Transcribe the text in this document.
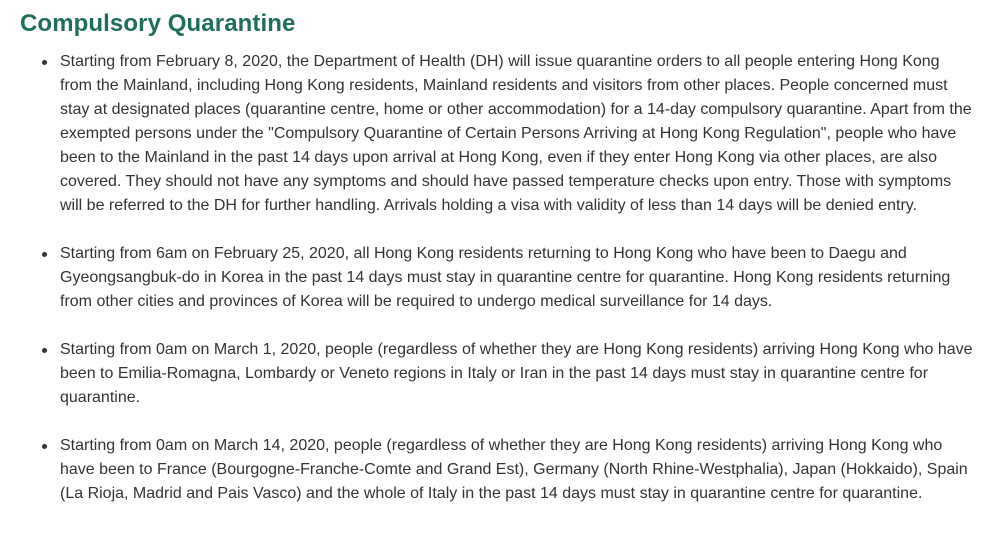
Compulsory Quarantine
Starting from February 8, 2020, the Department of Health (DH) will issue quarantine orders to all people entering Hong Kong from the Mainland, including Hong Kong residents, Mainland residents and visitors from other places. People concerned must stay at designated places (quarantine centre, home or other accommodation) for a 14-day compulsory quarantine. Apart from the exempted persons under the "Compulsory Quarantine of Certain Persons Arriving at Hong Kong Regulation", people who have been to the Mainland in the past 14 days upon arrival at Hong Kong, even if they enter Hong Kong via other places, are also covered. They should not have any symptoms and should have passed temperature checks upon entry. Those with symptoms will be referred to the DH for further handling. Arrivals holding a visa with validity of less than 14 days will be denied entry.
Starting from 6am on February 25, 2020, all Hong Kong residents returning to Hong Kong who have been to Daegu and Gyeongsangbuk-do in Korea in the past 14 days must stay in quarantine centre for quarantine. Hong Kong residents returning from other cities and provinces of Korea will be required to undergo medical surveillance for 14 days.
Starting from 0am on March 1, 2020, people (regardless of whether they are Hong Kong residents) arriving Hong Kong who have been to Emilia-Romagna, Lombardy or Veneto regions in Italy or Iran in the past 14 days must stay in quarantine centre for quarantine.
Starting from 0am on March 14, 2020, people (regardless of whether they are Hong Kong residents) arriving Hong Kong who have been to France (Bourgogne-Franche-Comte and Grand Est), Germany (North Rhine-Westphalia), Japan (Hokkaido), Spain (La Rioja, Madrid and Pais Vasco) and the whole of Italy in the past 14 days must stay in quarantine centre for quarantine.
